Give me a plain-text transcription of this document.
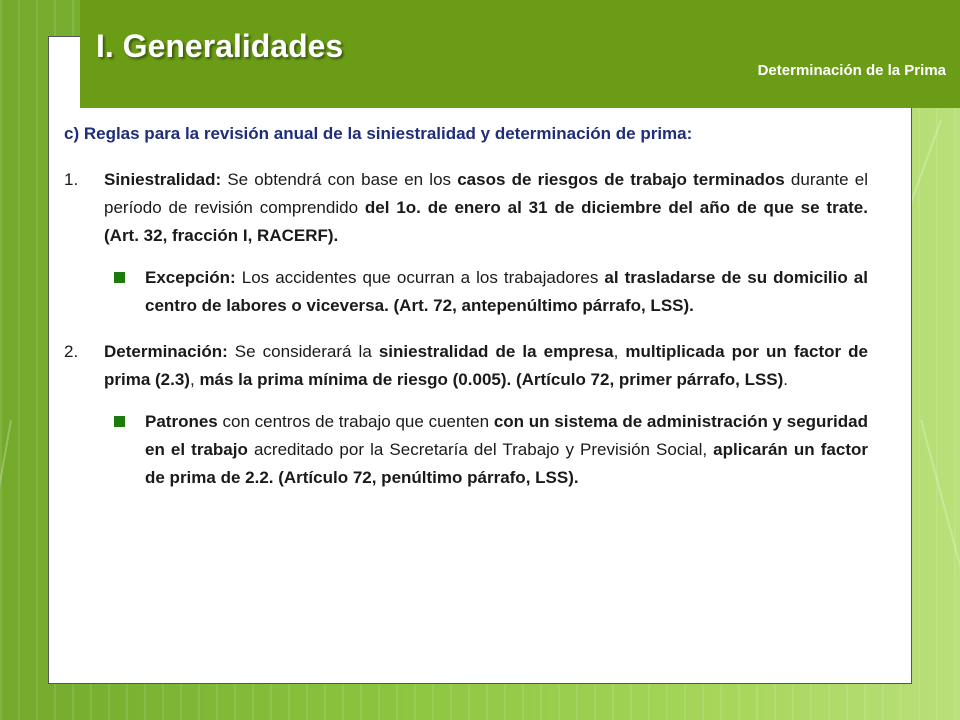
I. Generalidades
Determinación de la Prima
c) Reglas para la revisión anual de la siniestralidad y determinación de prima:
1.	Siniestralidad: Se obtendrá con base en los casos de riesgos de trabajo terminados durante el período de revisión comprendido del 1o. de enero al 31 de diciembre del año de que se trate. (Art. 32, fracción I, RACERF).
Excepción: Los accidentes que ocurran a los trabajadores al trasladarse de su domicilio al centro de labores o viceversa. (Art. 72, antepenúltimo párrafo, LSS).
2.	Determinación: Se considerará la siniestralidad de la empresa, multiplicada por un factor de prima (2.3), más la prima mínima de riesgo (0.005). (Artículo 72, primer párrafo, LSS).
Patrones con centros de trabajo que cuenten con un sistema de administración y seguridad en el trabajo acreditado por la Secretaría del Trabajo y Previsión Social, aplicarán un factor de prima de 2.2. (Artículo 72, penúltimo párrafo, LSS).
